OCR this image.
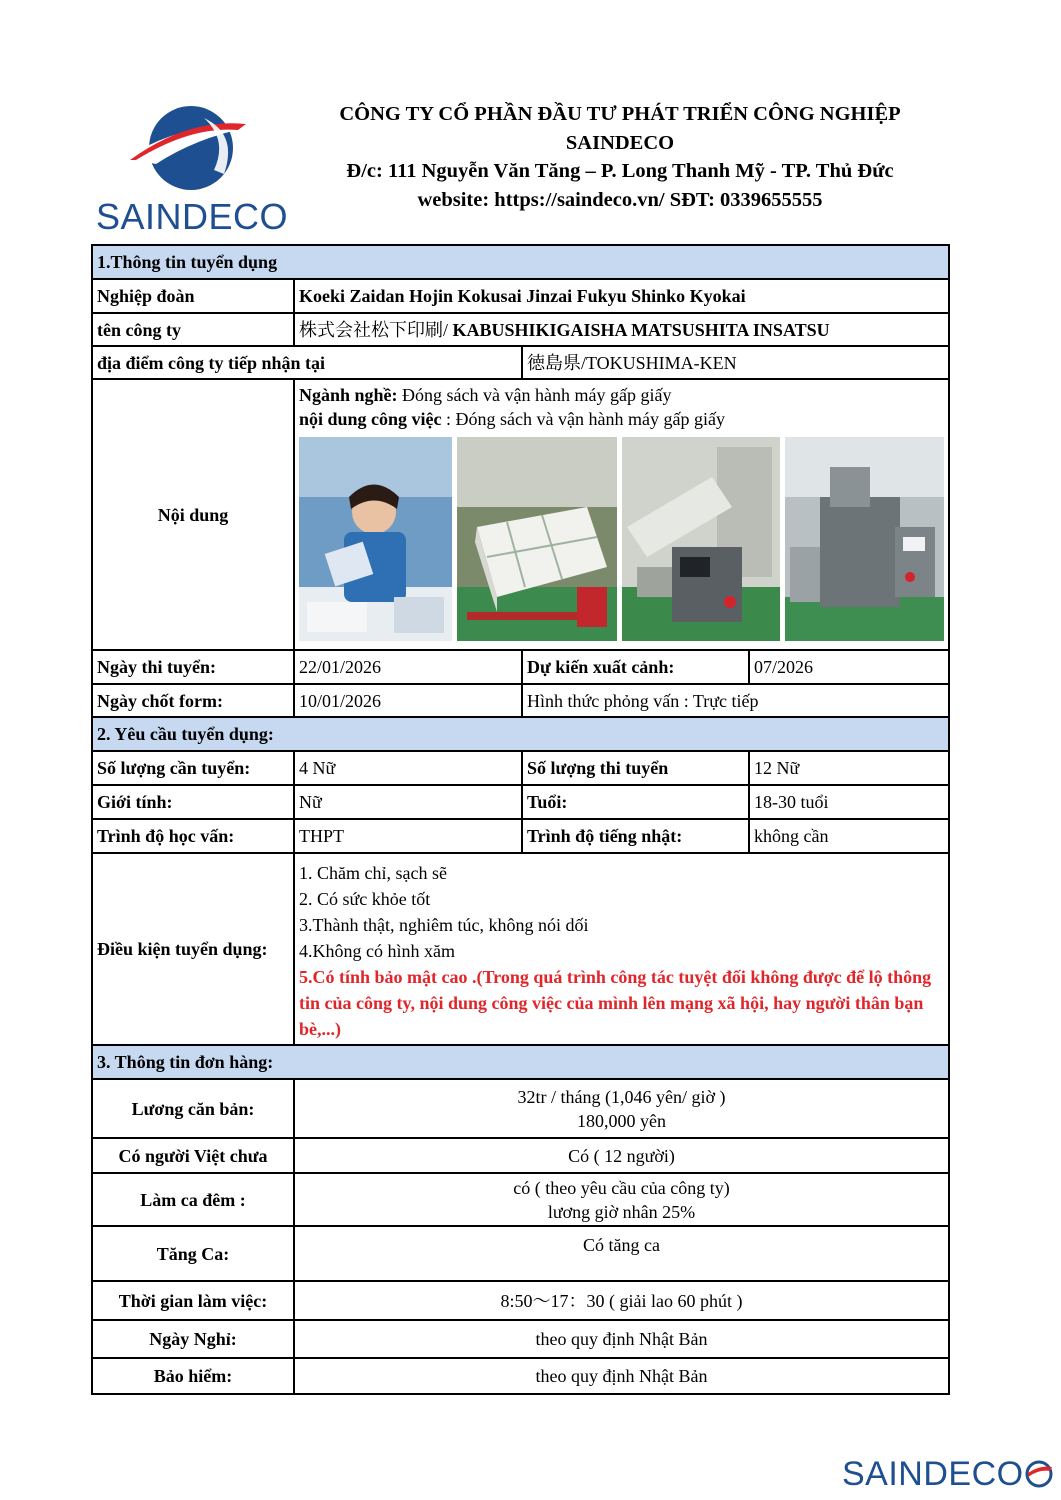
SAINDECO
CÔNG TY CỔ PHẦN ĐẦU TƯ PHÁT TRIỂN CÔNG NGHIỆP
SAINDECO
Đ/c: 111 Nguyễn Văn Tăng – P. Long Thanh Mỹ - TP. Thủ Đức
website: https://saindeco.vn/ SĐT: 0339655555
1.Thông tin tuyển dụng			
Nghiệp đoàn	Koeki Zaidan Hojin Kokusai Jinzai Fukyu Shinko Kyokai		
tên công ty	株式会社松下印刷/ KABUSHIKIGAISHA MATSUSHITA INSATSU		
địa điểm công ty tiếp nhận tại		徳島県/TOKUSHIMA-KEN	
Nội dung	Ngành nghề: Đóng sách và vận hành máy gấp giấy
nội dung công việc : Đóng sách và vận hành máy gấp giấy		

Ngày thi tuyển:	22/01/2026	Dự kiến xuất cảnh:	07/2026
Ngày chốt form:	10/01/2026	Hình thức phỏng vấn : Trực tiếp	
2. Yêu cầu tuyển dụng:			
Số lượng cần tuyển:	4 Nữ	Số lượng thi tuyển	12 Nữ
Giới tính:	Nữ	Tuổi:	18-30 tuổi
Trình độ học vấn:	THPT	Trình độ tiếng nhật:	không cần
Điều kiện tuyển dụng:	1. Chăm chỉ, sạch sẽ
2. Có sức khỏe tốt
3.Thành thật, nghiêm túc, không nói dối
4.Không có hình xăm
5.Có tính bảo mật cao .(Trong quá trình công tác tuyệt đối không được để lộ thông tin của công ty, nội dung công việc của mình lên mạng xã hội, hay người thân bạn bè,...)		

3. Thông tin đơn hàng:			
Lương căn bản:	32tr / tháng (1,046 yên/ giờ )
180,000 yên		

Có người Việt chưa	Có ( 12 người)		
Làm ca đêm :	có ( theo yêu cầu của công ty)
lương giờ nhân 25%		

Tăng Ca:	Có tăng ca		
Thời gian làm việc:	8:50～17：30 ( giải lao 60 phút )		
Ngày Nghỉ:	theo quy định Nhật Bản		
Bảo hiểm:	theo quy định Nhật Bản		
SAINDECO
